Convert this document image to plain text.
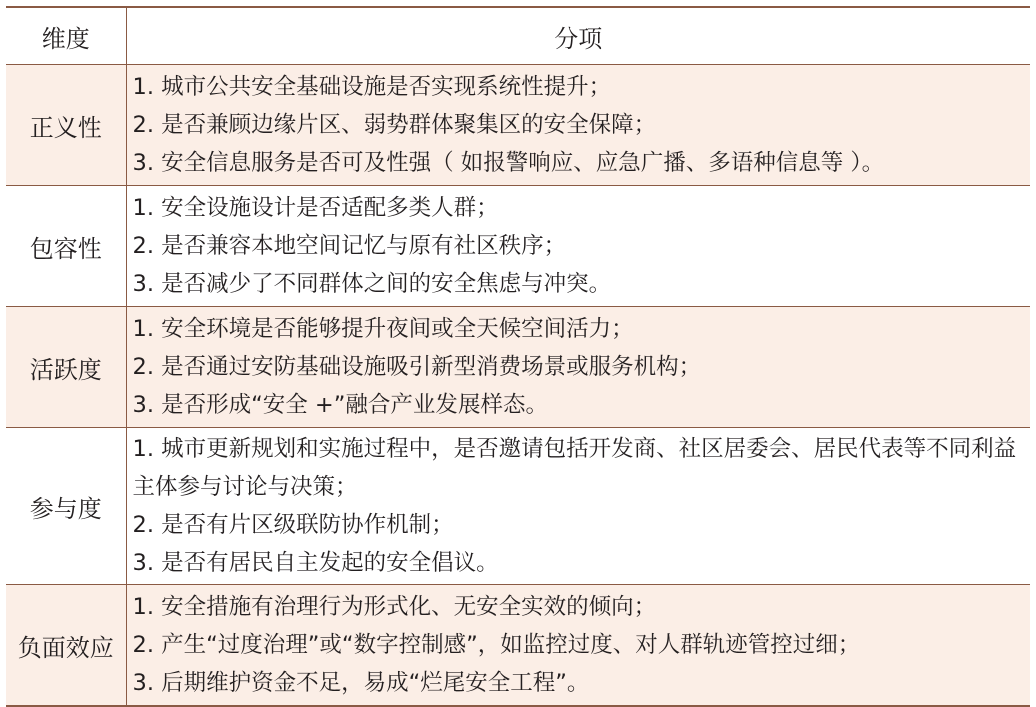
维度	分项
正义性	1. 城市公共安全基础设施是否实现系统性提升；
2. 是否兼顾边缘片区、弱势群体聚集区的安全保障；
3. 安全信息服务是否可及性强（ 如报警响应、应急广播、多语种信息等 ）。

包容性	1. 安全设施设计是否适配多类人群；
2. 是否兼容本地空间记忆与原有社区秩序；
3. 是否减少了不同群体之间的安全焦虑与冲突。

活跃度	1. 安全环境是否能够提升夜间或全天候空间活力；
2. 是否通过安防基础设施吸引新型消费场景或服务机构；
3. 是否形成“安全 +”融合产业发展样态。

参与度	1. 城市更新规划和实施过程中，是否邀请包括开发商、社区居委会、居民代表等不同利益主体参与讨论与决策；
2. 是否有片区级联防协作机制；
3. 是否有居民自主发起的安全倡议。

负面效应	1. 安全措施有治理行为形式化、无安全实效的倾向；
2. 产生“过度治理”或“数字控制感”，如监控过度、对人群轨迹管控过细；
3. 后期维护资金不足，易成“烂尾安全工程”。
